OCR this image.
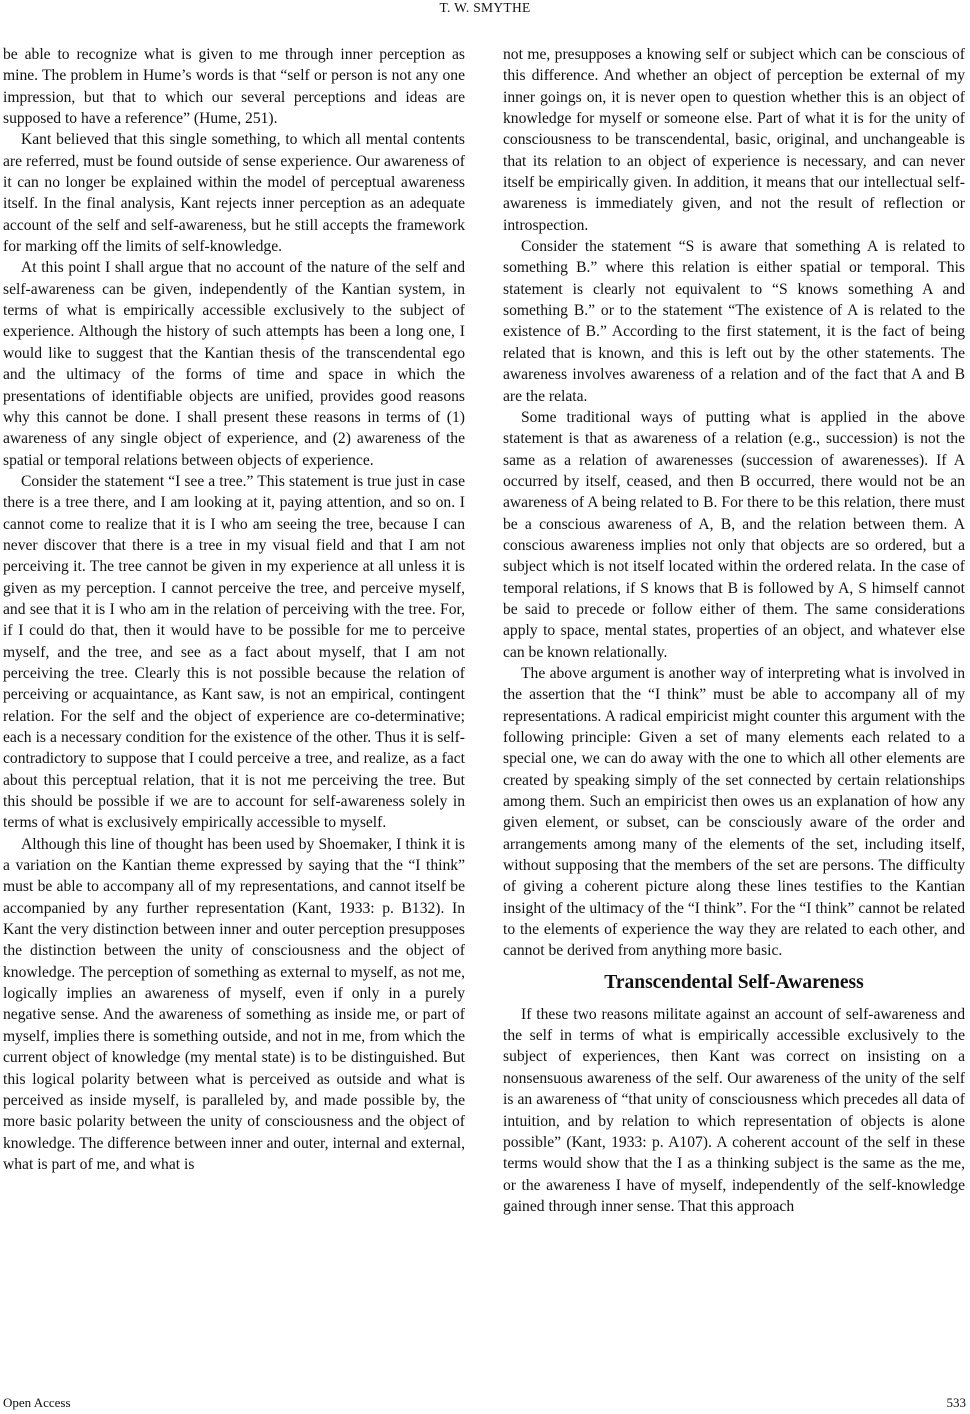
T. W. SMYTHE

be able to recognize what is given to me through inner perception as mine. The problem in Hume’s words is that “self or person is not any one impression, but that to which our several perceptions and ideas are supposed to have a reference” (Hume, 251).

Kant believed that this single something, to which all mental contents are referred, must be found outside of sense experience. Our awareness of it can no longer be explained within the model of perceptual awareness itself. In the final analysis, Kant rejects inner perception as an adequate account of the self and self-awareness, but he still accepts the framework for marking off the limits of self-knowledge.

At this point I shall argue that no account of the nature of the self and self-awareness can be given, independently of the Kantian system, in terms of what is empirically accessible exclusively to the subject of experience. Although the history of such attempts has been a long one, I would like to suggest that the Kantian thesis of the transcendental ego and the ultimacy of the forms of time and space in which the presentations of identifiable objects are unified, provides good reasons why this cannot be done. I shall present these reasons in terms of (1) awareness of any single object of experience, and (2) awareness of the spatial or temporal relations between objects of experience.

Consider the statement “I see a tree.” This statement is true just in case there is a tree there, and I am looking at it, paying attention, and so on. I cannot come to realize that it is I who am seeing the tree, because I can never discover that there is a tree in my visual field and that I am not perceiving it. The tree cannot be given in my experience at all unless it is given as my perception. I cannot perceive the tree, and perceive myself, and see that it is I who am in the relation of perceiving with the tree. For, if I could do that, then it would have to be possible for me to perceive myself, and the tree, and see as a fact about myself, that I am not perceiving the tree. Clearly this is not possible because the relation of perceiving or acquaintance, as Kant saw, is not an empirical, contingent relation. For the self and the object of experience are co-determinative; each is a necessary condition for the existence of the other. Thus it is self-contradictory to suppose that I could perceive a tree, and realize, as a fact about this perceptual relation, that it is not me perceiving the tree. But this should be possible if we are to account for self-awareness solely in terms of what is exclusively empirically accessible to myself.

Although this line of thought has been used by Shoemaker, I think it is a variation on the Kantian theme expressed by saying that the “I think” must be able to accompany all of my representations, and cannot itself be accompanied by any further representation (Kant, 1933: p. B132). In Kant the very distinction between inner and outer perception presupposes the distinction between the unity of consciousness and the object of knowledge. The perception of something as external to myself, as not me, logically implies an awareness of myself, even if only in a purely negative sense. And the awareness of something as inside me, or part of myself, implies there is something outside, and not in me, from which the current object of knowledge (my mental state) is to be distinguished. But this logical polarity between what is perceived as outside and what is perceived as inside myself, is paralleled by, and made possible by, the more basic polarity between the unity of consciousness and the object of knowledge. The difference between inner and outer, internal and external, what is part of me, and what is

not me, presupposes a knowing self or subject which can be conscious of this difference. And whether an object of perception be external of my inner goings on, it is never open to question whether this is an object of knowledge for myself or someone else. Part of what it is for the unity of consciousness to be transcendental, basic, original, and unchangeable is that its relation to an object of experience is necessary, and can never itself be empirically given. In addition, it means that our intellectual self-awareness is immediately given, and not the result of reflection or introspection.

Consider the statement “S is aware that something A is related to something B.” where this relation is either spatial or temporal. This statement is clearly not equivalent to “S knows something A and something B.” or to the statement “The existence of A is related to the existence of B.” According to the first statement, it is the fact of being related that is known, and this is left out by the other statements. The awareness involves awareness of a relation and of the fact that A and B are the relata.

Some traditional ways of putting what is applied in the above statement is that as awareness of a relation (e.g., succession) is not the same as a relation of awarenesses (succession of awarenesses). If A occurred by itself, ceased, and then B occurred, there would not be an awareness of A being related to B. For there to be this relation, there must be a conscious awareness of A, B, and the relation between them. A conscious awareness implies not only that objects are so ordered, but a subject which is not itself located within the ordered relata. In the case of temporal relations, if S knows that B is followed by A, S himself cannot be said to precede or follow either of them. The same considerations apply to space, mental states, properties of an object, and whatever else can be known relationally.

The above argument is another way of interpreting what is involved in the assertion that the “I think” must be able to accompany all of my representations. A radical empiricist might counter this argument with the following principle: Given a set of many elements each related to a special one, we can do away with the one to which all other elements are created by speaking simply of the set connected by certain relationships among them. Such an empiricist then owes us an explanation of how any given element, or subset, can be consciously aware of the order and arrangements among many of the elements of the set, including itself, without supposing that the members of the set are persons. The difficulty of giving a coherent picture along these lines testifies to the Kantian insight of the ultimacy of the “I think”. For the “I think” cannot be related to the elements of experience the way they are related to each other, and cannot be derived from anything more basic.

Transcendental Self-Awareness

If these two reasons militate against an account of self-awareness and the self in terms of what is empirically accessible exclusively to the subject of experiences, then Kant was correct on insisting on a nonsensuous awareness of the self. Our awareness of the unity of the self is an awareness of “that unity of consciousness which precedes all data of intuition, and by relation to which representation of objects is alone possible” (Kant, 1933: p. A107). A coherent account of the self in these terms would show that the I as a thinking subject is the same as the me, or the awareness I have of myself, independently of the self-knowledge gained through inner sense. That this approach

Open Access	533
